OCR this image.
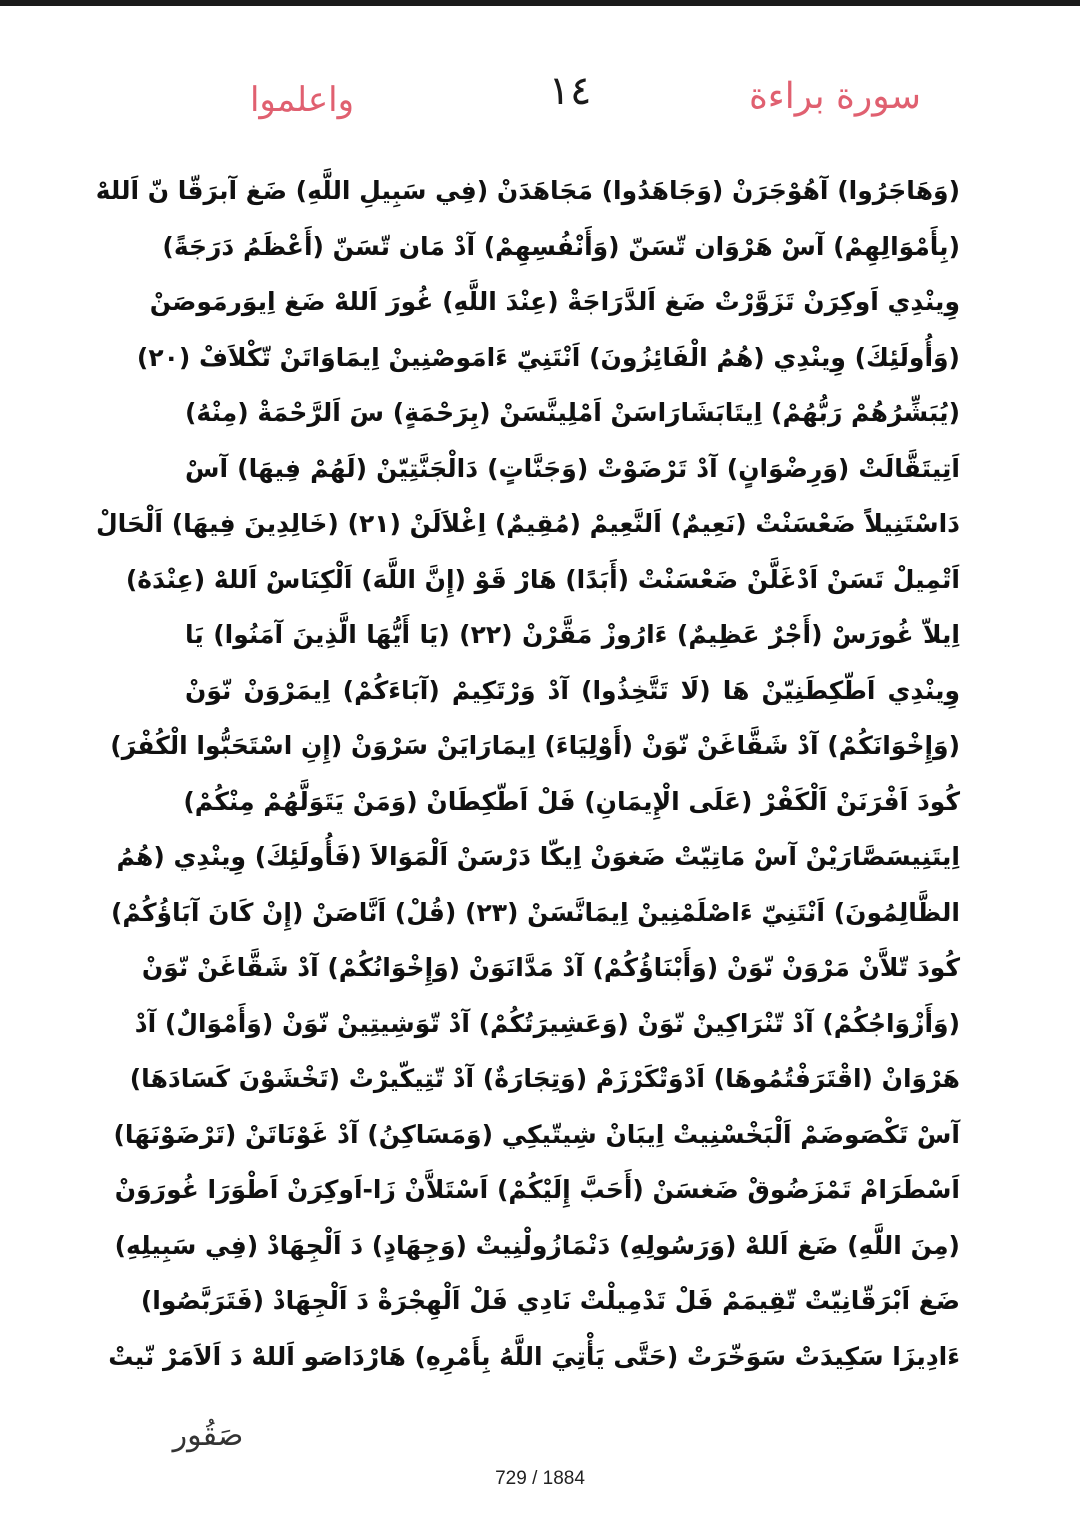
واعلموا	١٤	سورة براءة
(وَهَاجَرُوا) آهُوْجَرَنْ (وَجَاهَدُوا) مَجَاهَدَنْ (فِي سَبِيلِ اللَّهِ) ضَغ آبرَقّا نّ اَللهْ
(بِأَمْوَالِهِمْ) آسْ هَرْوَان تّسَنّ (وَأَنْفُسِهِمْ) آدْ مَان تّسَنّ (أَعْظَمُ دَرَجَةً)
وِينْدِي اَوكِرَنْ تَزَوَّرْتْ ضَغ اَلدَّرَاجَةْ (عِنْدَ اللَّهِ) غُورَ اَللهْ ضَغ اِيوَرمَوصَنْ
(وَأُولَئِكَ) وِينْدِي (هُمُ الْفَائِزُونَ) اَنْتَنِيّ ءَامَوصْنِينْ اِيمَاوَاتَنْ تّكْلاَفْ (٢٠)
(يُبَشِّرُهُمْ رَبُّهُمْ) اِيتَابَشَارَاسَنْ اَمْلِينَّسَنْ (بِرَحْمَةٍ) سَ اَلرَّحْمَةْ (مِنْهُ)
اَتِيتَقَّالَتْ (وَرِضْوَانٍ) آدْ تَرْضَوْتْ (وَجَنَّاتٍ) دَالْجَنَّتِيّنْ (لَهُمْ فِيهَا) آسْ
دَاسْتَنِيلاً ضَعْسَنْتْ (نَعِيمٌ) اَلنَّعِيمْ (مُقِيمٌ) اِغْلاَلَنْ (٢١) (خَالِدِينَ فِيهَا) اَلْحَالْ
اَتْمِيلْ تَسَنْ اَدْغَلَّنْ ضَعْسَنْتْ (أَبَدًا) هَارْ قَوْ (إِنَّ اللَّهَ) اَلْكِنَاسْ اَللهْ (عِنْدَهُ)
اِيلاّ غُورَسْ (أَجْرٌ عَظِيمٌ) ءَارُوزْ مَقَّرْنْ (٢٢) (يَا أَيُّهَا الَّذِينَ آمَنُوا) يَا
وِينْدِي اَطّكِطَنِيّنْ هَا (لَا تَتَّخِذُوا) آدْ وَرْتَكِيمْ (آبَاءَكُمْ) اِيمَرْوَنْ نّوَنْ
(وَإِخْوَانَكُمْ) آدْ شَقَّاغَنْ نّوَنْ (أَوْلِيَاءَ) اِيمَارَايَنْ سَرْوَنْ (إِنِ اسْتَحَبُّوا الْكُفْرَ)
كُودَ اَفْرَنَنْ اَلْكَفْرْ (عَلَى الْإِيمَانِ) فَلْ اَطّكِطَانْ (وَمَنْ يَتَوَلَّهُمْ مِنْكُمْ)
اِيتَنِيسَصَّارَيْنْ آسْ مَاتِيّتْ ضَغوَنْ اِيكّا دَرْسَنْ اَلْمَوَالاَ (فَأُولَئِكَ) وِينْدِي (هُمُ
الظَّالِمُونَ) اَنْتَنِيّ ءَاصْلَمْنِينْ اِيمَانَّسَنْ (٢٣) (قُلْ) اَنَّاصَنْ (إِنْ كَانَ آبَاؤُكُمْ)
كُودَ تّلاَّنْ مَرْوَنْ نّوَنْ (وَأَبْنَاؤُكُمْ) آدْ مَدَّانَوَنْ (وَإِخْوَانُكُمْ) آدْ شَقَّاغَنْ نّوَنْ
(وَأَزْوَاجُكُمْ) آدْ تّنْرَاكِينْ نّوَنْ (وَعَشِيرَتُكُمْ) آدْ تّوَشِيتِينْ نّوَنْ (وَأَمْوَالٌ) آدْ
هَرْوَانْ (اقْتَرَفْتُمُوهَا) اَدْوَتْكَرْزَمْ (وَتِجَارَةٌ) آدْ تّتِيكّيرْتْ (تَخْشَوْنَ كَسَادَهَا)
آسْ تَكْصَوضَمْ اَلْبَخْسْنِيتْ اِيبَانْ شِيتّيكِي (وَمَسَاكِنُ) آدْ غَوْنَاتَنْ (تَرْضَوْنَهَا)
اَسْطَرَامْ تَمْزَضُوقْ ضَغسَنْ (أَحَبَّ إِلَيْكُمْ) اَسْتَلاَّنْ زَا-اَوكِرَنْ اَطْوَرَا غُورَوَنْ
(مِنَ اللَّهِ) ضَغ اَللهْ (وَرَسُولِهِ) دَنْمَازُولْنِيتْ (وَجِهَادٍ) دَ اَلْجِهَادْ (فِي سَبِيلِهِ)
ضَغ اَبْرَقّانِيّتْ تّقِيمَمْ فَلْ تَدْمِيلْتْ نَادِي فَلْ اَلْهِجْرَةْ دَ اَلْجِهَادْ (فَتَرَبَّصُوا)
ءَادِيزَا سَكِيدَتْ سَوَخّرَتْ (حَتَّى يَأْتِيَ اللَّهُ بِأَمْرِهِ) هَارْدَاصَو اَللهْ دَ اَلاَمَرْ نّيتْ
صَقُور
729 / 1884
